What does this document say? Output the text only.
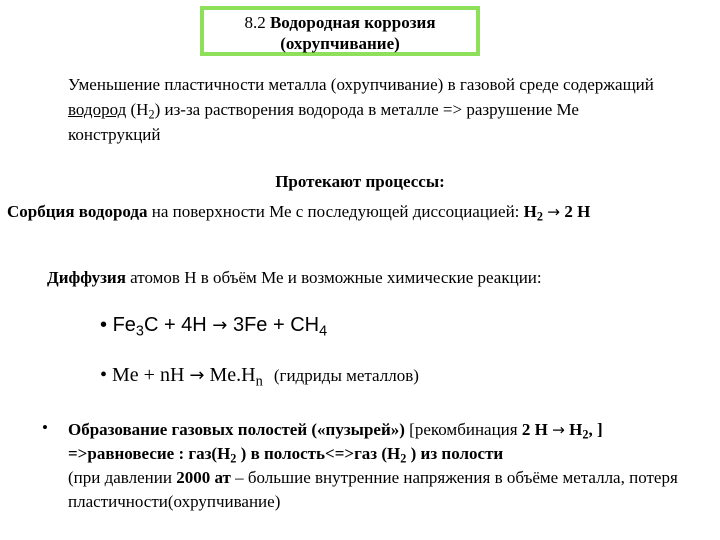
8.2 Водородная коррозия
(охрупчивание)
Уменьшение пластичности металла (охрупчивание) в газовой среде содержащий водород $(H_2)$ из-за растворения водорода в металле => разрушение Ме конструкций
Протекают процессы:
Сорбция водорода на поверхности Ме с последующей диссоциацией: $H_2 \to 2$ H
Диффузия атомов H в объём Ме и возможные химические реакции:
• $Fe_3C + 4H \to 3Fe + CH_4$
• Me + nH → $Me.H_n$ (гидриды металлов)
• Образование газовых полостей («пузырей») [рекомбинация 2 $H \to H_2$, ] =>равновесие : $газ(H_2$ ) в полость<=>газ ($H_2$ ) из полости
(при давлении 2000 ат – большие внутренние напряжения в объёме металла, потеря пластичности(охрупчивание)
